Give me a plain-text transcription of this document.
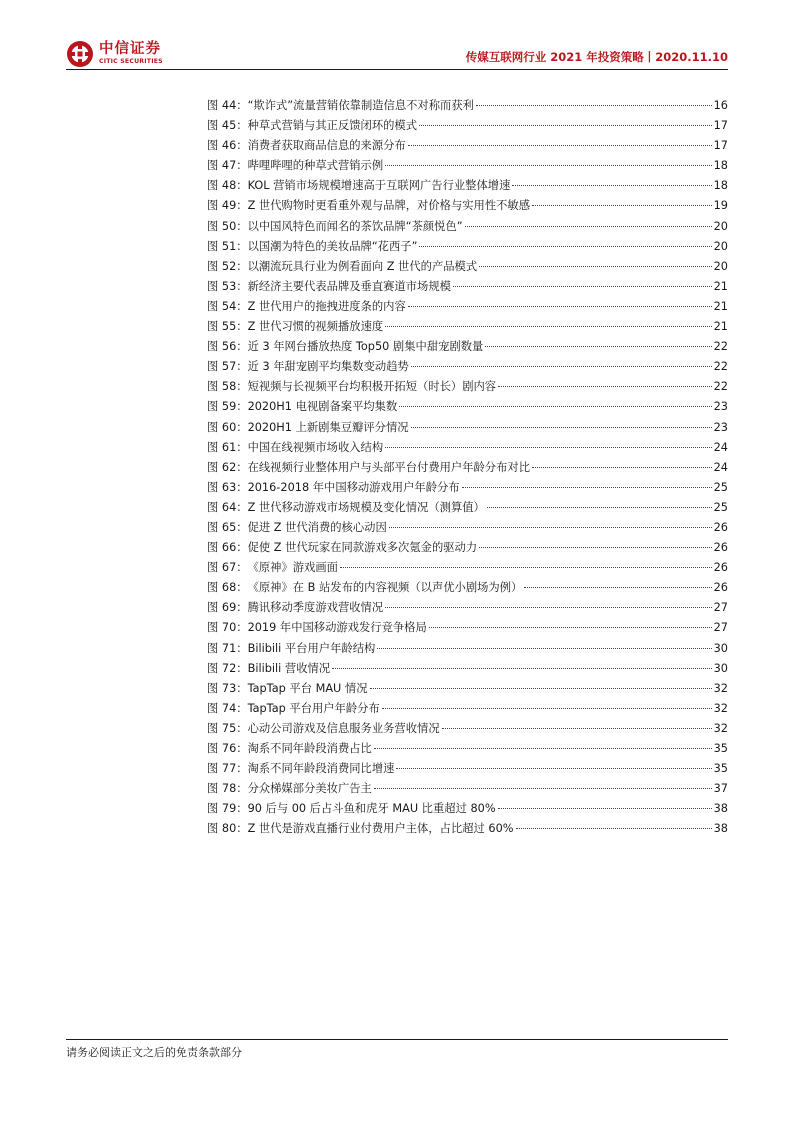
中信证券
CITIC SECURITIES	传媒互联网行业 2021 年投资策略丨2020.11.10
图 44： “欺诈式”流量营销依靠制造信息不对称而获利	16
图 45： 种草式营销与其正反馈闭环的模式	17
图 46： 消费者获取商品信息的来源分布	17
图 47： 哔哩哔哩的种草式营销示例	18
图 48： KOL 营销市场规模增速高于互联网广告行业整体增速	18
图 49： Z 世代购物时更看重外观与品牌，对价格与实用性不敏感	19
图 50： 以中国风特色而闻名的茶饮品牌“茶颜悦色”	20
图 51： 以国潮为特色的美妆品牌“花西子”	20
图 52： 以潮流玩具行业为例看面向 Z 世代的产品模式	20
图 53： 新经济主要代表品牌及垂直赛道市场规模	21
图 54： Z 世代用户的拖拽进度条的内容	21
图 55： Z 世代习惯的视频播放速度	21
图 56： 近 3 年网台播放热度 Top50 剧集中甜宠剧数量	22
图 57： 近 3 年甜宠剧平均集数变动趋势	22
图 58： 短视频与长视频平台均积极开拓短（时长）剧内容	22
图 59： 2020H1 电视剧备案平均集数	23
图 60： 2020H1 上新剧集豆瓣评分情况	23
图 61： 中国在线视频市场收入结构	24
图 62： 在线视频行业整体用户与头部平台付费用户年龄分布对比	24
图 63： 2016-2018 年中国移动游戏用户年龄分布	25
图 64： Z 世代移动游戏市场规模及变化情况（测算值）	25
图 65： 促进 Z 世代消费的核心动因	26
图 66： 促使 Z 世代玩家在同款游戏多次氪金的驱动力	26
图 67： 《原神》游戏画面	26
图 68： 《原神》在 B 站发布的内容视频（以声优小剧场为例）	26
图 69： 腾讯移动季度游戏营收情况	27
图 70： 2019 年中国移动游戏发行竞争格局	27
图 71： Bilibili 平台用户年龄结构	30
图 72： Bilibili 营收情况	30
图 73： TapTap 平台 MAU 情况	32
图 74： TapTap 平台用户年龄分布	32
图 75： 心动公司游戏及信息服务业务营收情况	32
图 76： 淘系不同年龄段消费占比	35
图 77： 淘系不同年龄段消费同比增速	35
图 78： 分众梯媒部分美妆广告主	37
图 79： 90 后与 00 后占斗鱼和虎牙 MAU 比重超过 80%	38
图 80： Z 世代是游戏直播行业付费用户主体，占比超过 60%	38
请务必阅读正文之后的免责条款部分
